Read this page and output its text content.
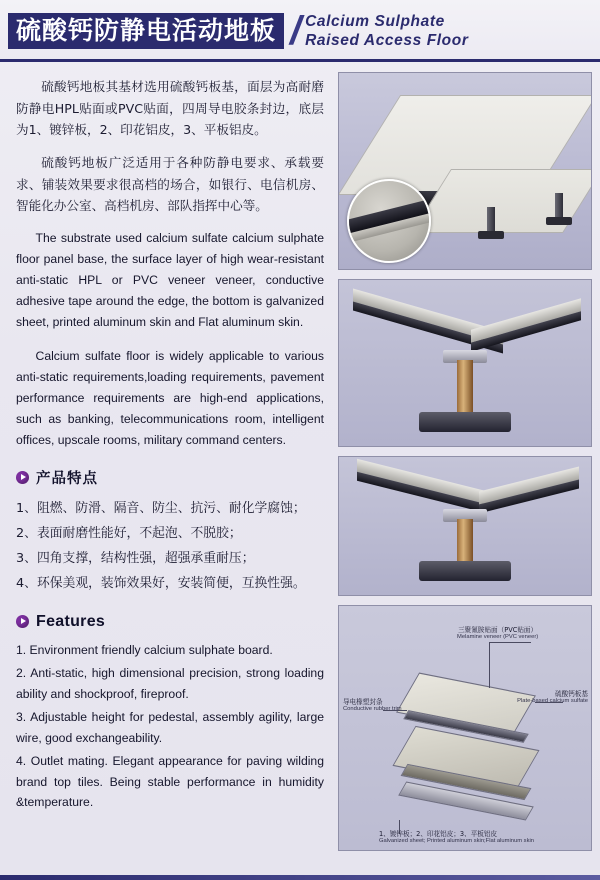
硫酸钙防静电活动地板 / Calcium Sulphate
Raised Access Floor

硫酸钙地板其基材选用硫酸钙板基，面层为高耐磨防静电HPL贴面或PVC贴面，四周导电胶条封边，底层为1、镀锌板，2、印花铝皮，3、平板铝皮。

硫酸钙地板广泛适用于各种防静电要求、承载要求、铺装效果要求很高档的场合，如银行、电信机房、智能化办公室、高档机房、部队指挥中心等。

The substrate used calcium sulfate calcium sulphate floor panel base, the surface layer of high wear-resistant anti-static HPL or PVC veneer veneer, conductive adhesive tape around the edge, the bottom is galvanized sheet, printed aluminum skin and Flat aluminum skin.

Calcium sulfate floor is widely applicable to various anti-static requirements,loading requirements, pavement performance requirements are high-end applications, such as banking, telecommunications room, intelligent offices, upscale rooms, military command centers.

产品特点
1、阻燃、防滑、隔音、防尘、抗污、耐化学腐蚀；
2、表面耐磨性能好，不起泡、不脱胶；
3、四角支撑，结构性强，超强承重耐压；
4、环保美观，装饰效果好，安装简便，互换性强。
Features
1. Environment friendly calcium sulphate board.
2. Anti-static, high dimensional precision, strong loading ability and shockproof, fireproof.
3. Adjustable height for pedestal, assembly agility, large wire, good exchangeability.
4. Outlet mating. Elegant appearance for paving wilding brand top tiles. Being stable performance in humidity &temperature.
三聚氰胺贴面（PVC贴面）
Melamine veneer (PVC veneer)
导电橡塑封条
Conductive rubber trim
硫酸钙板基
Plate-based calcium sulfate
1、镀锌板；2、印花铝皮；3、平板铝皮
Galvanized sheet; Printed aluminum skin;Flat aluminum skin
